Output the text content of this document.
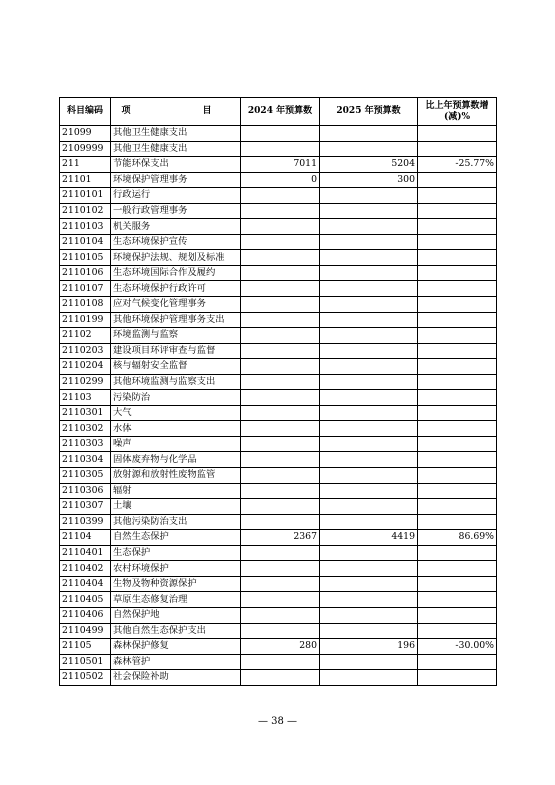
科目编码	项　　目	2024 年预算数	2025 年预算数	比上年预算数增(减)%
21099	其他卫生健康支出			
2109999	其他卫生健康支出			
211	节能环保支出	7011	5204	-25.77%
21101	环境保护管理事务	0	300	
2110101	行政运行			
2110102	一般行政管理事务			
2110103	机关服务			
2110104	生态环境保护宣传			
2110105	环境保护法规、规划及标准			
2110106	生态环境国际合作及履约			
2110107	生态环境保护行政许可			
2110108	应对气候变化管理事务			
2110199	其他环境保护管理事务支出			
21102	环境监测与监察			
2110203	建设项目环评审查与监督			
2110204	核与辐射安全监督			
2110299	其他环境监测与监察支出			
21103	污染防治			
2110301	大气			
2110302	水体			
2110303	噪声			
2110304	固体废弃物与化学品			
2110305	放射源和放射性废物监管			
2110306	辐射			
2110307	土壤			
2110399	其他污染防治支出			
21104	自然生态保护	2367	4419	86.69%
2110401	生态保护			
2110402	农村环境保护			
2110404	生物及物种资源保护			
2110405	草原生态修复治理			
2110406	自然保护地			
2110499	其他自然生态保护支出			
21105	森林保护修复	280	196	-30.00%
2110501	森林管护			
2110502	社会保险补助			
— 38 —
